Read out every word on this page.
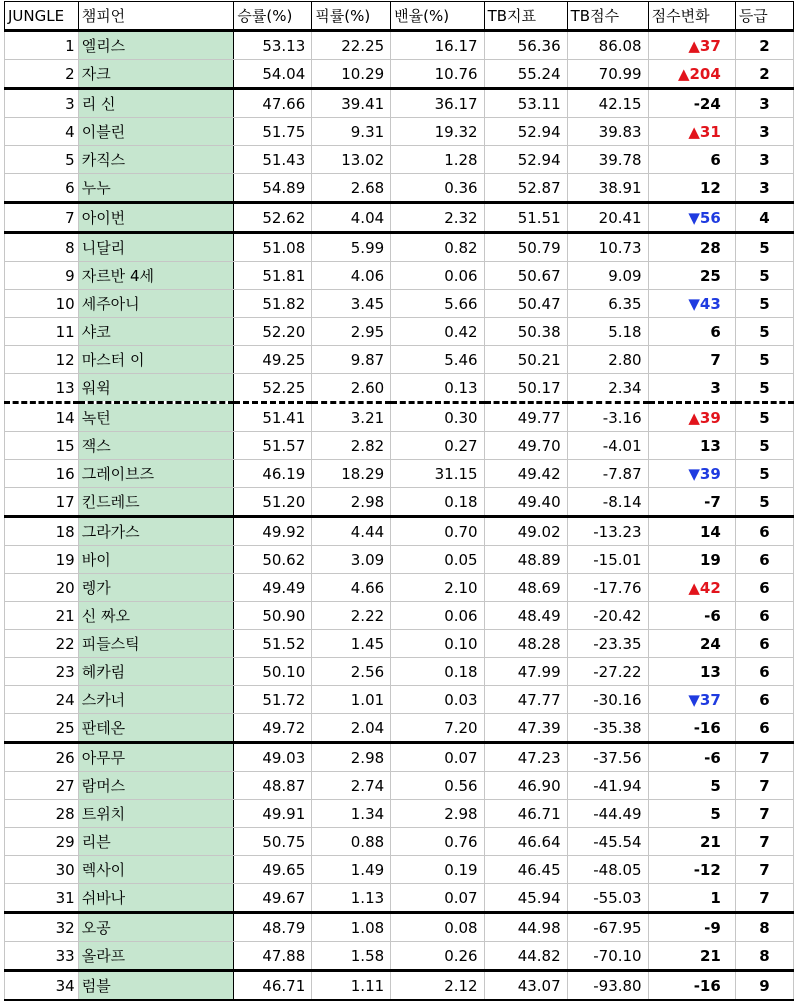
JUNGLE	챔피언	승률(%)	픽률(%)	밴율(%)	TB지표	TB점수	점수변화	등급
1	엘리스	53.13	22.25	16.17	56.36	86.08	▲37	2
2	자크	54.04	10.29	10.76	55.24	70.99	▲204	2
3	리 신	47.66	39.41	36.17	53.11	42.15	-24	3
4	이블린	51.75	9.31	19.32	52.94	39.83	▲31	3
5	카직스	51.43	13.02	1.28	52.94	39.78	6	3
6	누누	54.89	2.68	0.36	52.87	38.91	12	3
7	아이번	52.62	4.04	2.32	51.51	20.41	▼56	4
8	니달리	51.08	5.99	0.82	50.79	10.73	28	5
9	자르반 4세	51.81	4.06	0.06	50.67	9.09	25	5
10	세주아니	51.82	3.45	5.66	50.47	6.35	▼43	5
11	샤코	52.20	2.95	0.42	50.38	5.18	6	5
12	마스터 이	49.25	9.87	5.46	50.21	2.80	7	5
13	워윅	52.25	2.60	0.13	50.17	2.34	3	5
14	녹턴	51.41	3.21	0.30	49.77	-3.16	▲39	5
15	잭스	51.57	2.82	0.27	49.70	-4.01	13	5
16	그레이브즈	46.19	18.29	31.15	49.42	-7.87	▼39	5
17	킨드레드	51.20	2.98	0.18	49.40	-8.14	-7	5
18	그라가스	49.92	4.44	0.70	49.02	-13.23	14	6
19	바이	50.62	3.09	0.05	48.89	-15.01	19	6
20	렝가	49.49	4.66	2.10	48.69	-17.76	▲42	6
21	신 짜오	50.90	2.22	0.06	48.49	-20.42	-6	6
22	피들스틱	51.52	1.45	0.10	48.28	-23.35	24	6
23	헤카림	50.10	2.56	0.18	47.99	-27.22	13	6
24	스카너	51.72	1.01	0.03	47.77	-30.16	▼37	6
25	판테온	49.72	2.04	7.20	47.39	-35.38	-16	6
26	아무무	49.03	2.98	0.07	47.23	-37.56	-6	7
27	람머스	48.87	2.74	0.56	46.90	-41.94	5	7
28	트위치	49.91	1.34	2.98	46.71	-44.49	5	7
29	리븐	50.75	0.88	0.76	46.64	-45.54	21	7
30	렉사이	49.65	1.49	0.19	46.45	-48.05	-12	7
31	쉬바나	49.67	1.13	0.07	45.94	-55.03	1	7
32	오공	48.79	1.08	0.08	44.98	-67.95	-9	8
33	올라프	47.88	1.58	0.26	44.82	-70.10	21	8
34	럼블	46.71	1.11	2.12	43.07	-93.80	-16	9
